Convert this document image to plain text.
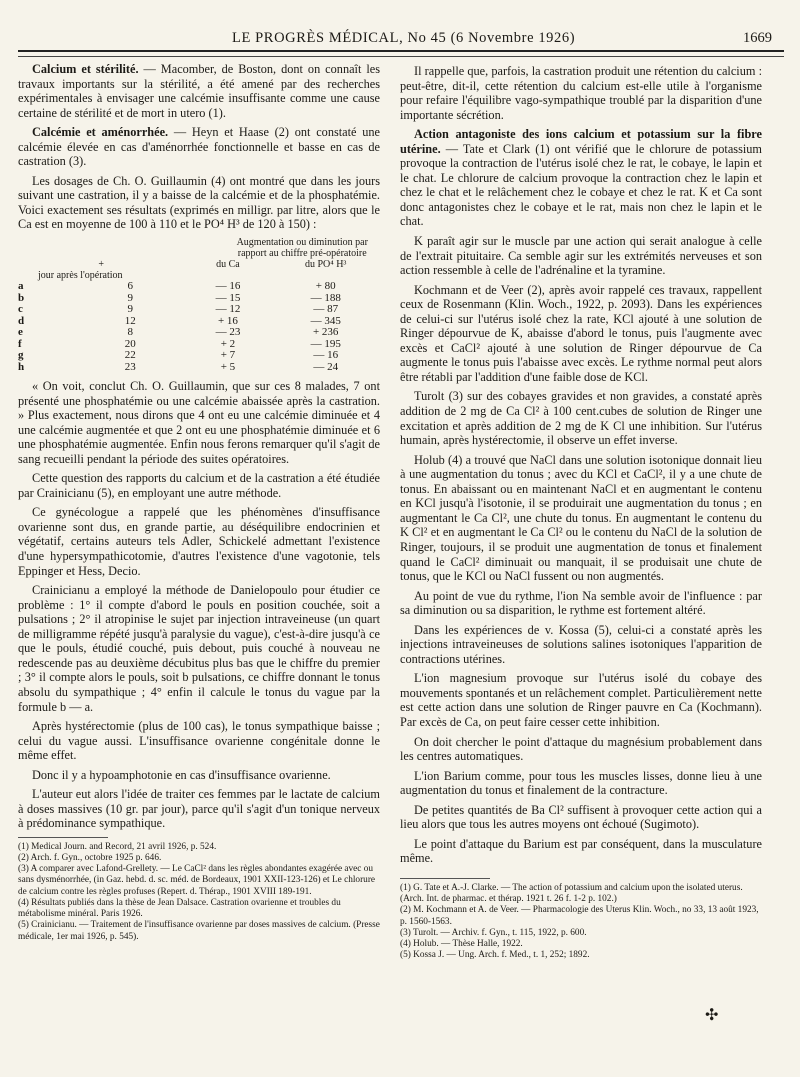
LE PROGRÈS MÉDICAL, No 45 (6 Novembre 1926)	1669

Calcium et stérilité. — Macomber, de Boston, dont on connaît les travaux importants sur la stérilité, a été amené par des recherches expérimentales à envisager une calcémie insuffisante comme une cause certaine de stérilité et de mort in utero (1).

Calcémie et aménorrhée. — Heyn et Haase (2) ont constaté une calcémie élevée en cas d'aménorrhée fonctionnelle et basse en cas de castration (3).

Les dosages de Ch. O. Guillaumin (4) ont montré que dans les jours suivant une castration, il y a baisse de la calcémie et de la phosphatémie. Voici exactement ses résultats (exprimés en milligr. par litre, alors que le Ca est en moyenne de 100 à 110 et le PO⁴ H³ de 120 à 150) :

		Augmentation ou diminution par rapport au chiffre pré-opératoire	
+		du Ca	du PO⁴ H³
jour après l'opération			
a	6	— 16	+ 80
b	9	— 15	— 188
c	9	— 12	— 87
d	12	+ 16	— 345
e	8	— 23	+ 236
f	20	+ 2	— 195
g	22	+ 7	— 16
h	23	+ 5	— 24

« On voit, conclut Ch. O. Guillaumin, que sur ces 8 malades, 7 ont présenté une phosphatémie ou une calcémie abaissée après la castration. » Plus exactement, nous dirons que 4 ont eu une calcémie diminuée et 4 une calcémie augmentée et que 2 ont eu une phosphatémie diminuée et 6 une phosphatémie augmentée. Enfin nous ferons remarquer qu'il s'agit de sang recueilli pendant la période des suites opératoires.

Cette question des rapports du calcium et de la castration a été étudiée par Crainicianu (5), en employant une autre méthode.

Ce gynécologue a rappelé que les phénomènes d'insuffisance ovarienne sont dus, en grande partie, au déséquilibre endocrinien et végétatif, certains auteurs tels Adler, Schickelé admettant l'existence d'une hypersympathicotomie, d'autres l'existence d'une vagotonie, tels Eppinger et Hess, Decio.

Crainicianu a employé la méthode de Danielopoulo pour étudier ce problème : 1° il compte d'abord le pouls en position couchée, soit a pulsations ; 2° il atropinise le sujet par injection intraveineuse (un quart de milligramme répété jusqu'à paralysie du vague), c'est-à-dire jusqu'à ce que le pouls, étudié couché, puis debout, puis couché à nouveau ne redescende pas au deuxième décubitus plus bas que le chiffre du premier ; 3° il compte alors le pouls, soit b pulsations, ce chiffre donnant le tonus absolu du sympathique ; 4° enfin il calcule le tonus du vague par la formule b — a.

Après hystérectomie (plus de 100 cas), le tonus sympathique baisse ; celui du vague aussi. L'insuffisance ovarienne congénitale donne le même effet.

Donc il y a hypoamphotonie en cas d'insuffisance ovarienne.

L'auteur eut alors l'idée de traiter ces femmes par le lactate de calcium à doses massives (10 gr. par jour), parce qu'il s'agit d'un tonique nerveux à prédominance sympathique.

(1) Medical Journ. and Record, 21 avril 1926, p. 524.
(2) Arch. f. Gyn., octobre 1925 p. 646.
(3) A comparer avec Lafond-Grellety. — Le CaCl² dans les règles abondantes exagérée avec ou sans dysménorrhée, (in Gaz. hebd. d. sc. méd. de Bordeaux, 1901 XXII-123-126) et Le chlorure de calcium contre les règles profuses (Repert. d. Thérap., 1901 XVIII 189-191.
(4) Résultats publiés dans la thèse de Jean Dalsace. Castration ovarienne et troubles du métabolisme minéral. Paris 1926.
(5) Crainicianu. — Traitement de l'insuffisance ovarienne par doses massives de calcium. (Presse médicale, 1er mai 1926, p. 545).

Il rappelle que, parfois, la castration produit une rétention du calcium : peut-être, dit-il, cette rétention du calcium est-elle utile à l'organisme pour refaire l'équilibre vago-sympathique troublé par la disparition d'une importante sécrétion.

Action antagoniste des ions calcium et potassium sur la fibre utérine. — Tate et Clark (1) ont vérifié que le chlorure de potassium provoque la contraction de l'utérus isolé chez le rat, le cobaye, le lapin et le chat. Le chlorure de calcium provoque la contraction chez le lapin et chez le chat et le relâchement chez le cobaye et chez le rat. K et Ca sont donc antagonistes chez le cobaye et le rat, mais non chez le lapin et le chat.

K paraît agir sur le muscle par une action qui serait analogue à celle de l'extrait pituitaire. Ca semble agir sur les extrémités nerveuses et son action ressemble à celle de l'adrénaline et la tyramine.

Kochmann et de Veer (2), après avoir rappelé ces travaux, rappellent ceux de Rosenmann (Klin. Woch., 1922, p. 2093). Dans les expériences de celui-ci sur l'utérus isolé chez la rate, KCl ajouté à une solution de Ringer dépourvue de K, abaisse d'abord le tonus, puis l'augmente avec excès et CaCl² ajouté à une solution de Ringer dépourvue de Ca augmente le tonus puis l'abaisse avec excès. Le rythme normal peut alors être rétabli par l'addition d'une faible dose de KCl.

Turolt (3) sur des cobayes gravides et non gravides, a constaté après addition de 2 mg de Ca Cl² à 100 cent.cubes de solution de Ringer une excitation et après addition de 2 mg de K Cl une inhibition. Sur l'utérus humain, après hystérectomie, il observe un effet inverse.

Holub (4) a trouvé que NaCl dans une solution isotonique donnait lieu à une augmentation du tonus ; avec du KCl et CaCl², il y a une chute de tonus. En abaissant ou en maintenant NaCl et en augmentant le contenu en KCl jusqu'à l'isotonie, il se produirait une augmentation du tonus ; en augmentant le Ca Cl², une chute du tonus. En augmentant le contenu du K Cl² et en augmentant le Ca Cl² ou le contenu du NaCl de la solution de Ringer, toujours, il se produit une augmentation de tonus et finalement quand le CaCl² diminuait ou manquait, il se produisait une chute de tonus, que le KCl ou NaCl fussent ou non augmentés.

Au point de vue du rythme, l'ion Na semble avoir de l'influence : par sa diminution ou sa disparition, le rythme est fortement altéré.

Dans les expériences de v. Kossa (5), celui-ci a constaté après les injections intraveineuses de solutions salines isotoniques l'apparition de contractions utérines.

L'ion magnesium provoque sur l'utérus isolé du cobaye des mouvements spontanés et un relâchement complet. Particulièrement nette est cette action dans une solution de Ringer pauvre en Ca (Kochmann). Par excès de Ca, on peut faire cesser cette inhibition.

On doit chercher le point d'attaque du magnésium probablement dans les centres automatiques.

L'ion Barium comme, pour tous les muscles lisses, donne lieu à une augmentation du tonus et finalement de la contracture.

De petites quantités de Ba Cl² suffisent à provoquer cette action qui a lieu alors que tous les autres moyens ont échoué (Sugimoto).

Le point d'attaque du Barium est par conséquent, dans la musculature même.

(1) G. Tate et A.-J. Clarke. — The action of potassium and calcium upon the isolated uterus. (Arch. Int. de pharmac. et thérap. 1921 t. 26 f. 1-2 p. 102.)
(2) M. Kochmann et A. de Veer. — Pharmacologie des Uterus Klin. Woch., no 33, 13 août 1923, p. 1560-1563.
(3) Turolt. — Archiv. f. Gyn., t. 115, 1922, p. 600.
(4) Holub. — Thèse Halle, 1922.
(5) Kossa J. — Ung. Arch. f. Med., t. 1, 252; 1892.
✣
